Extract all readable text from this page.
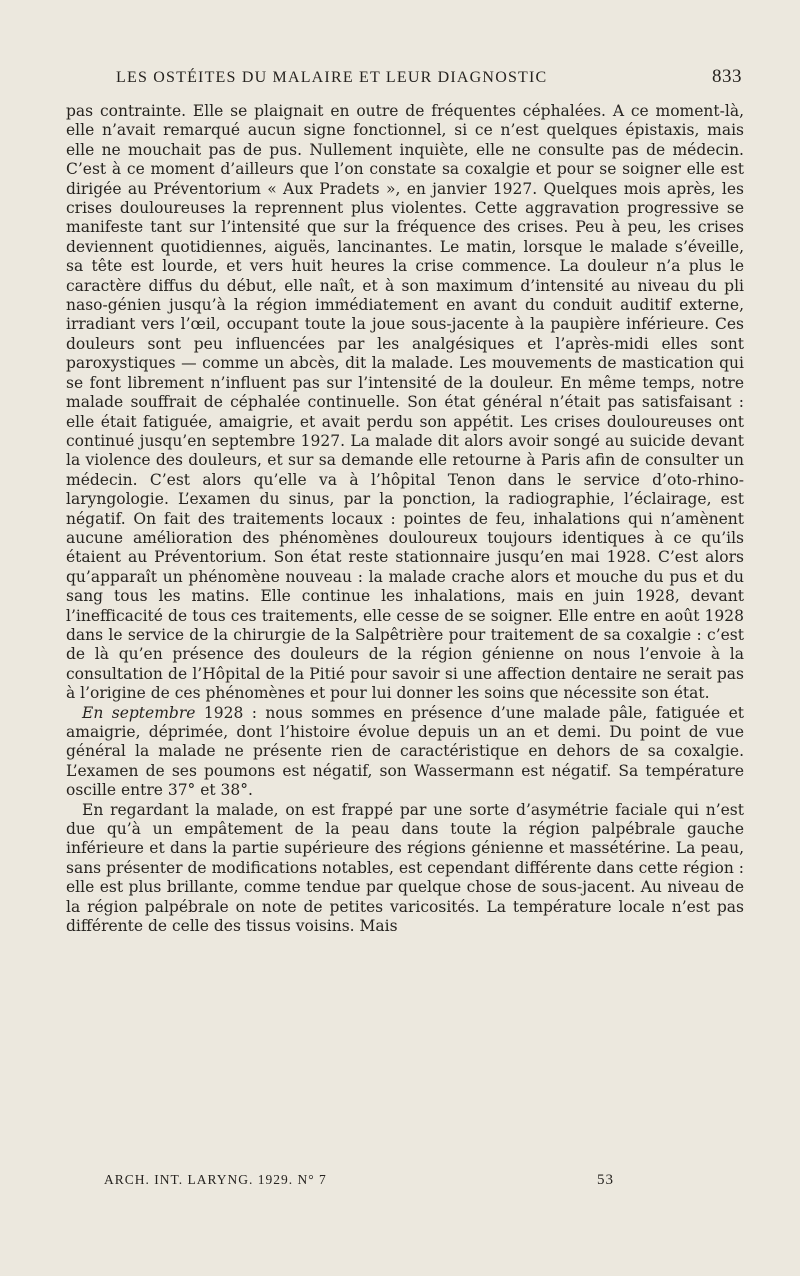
LES OSTÉITES DU MALAIRE ET LEUR DIAGNOSTIC	833

pas contrainte. Elle se plaignait en outre de fréquentes céphalées. A ce moment-là, elle n’avait remarqué aucun signe fonctionnel, si ce n’est quelques épistaxis, mais elle ne mouchait pas de pus. Nullement inquiète, elle ne consulte pas de médecin. C’est à ce moment d’ailleurs que l’on constate sa coxalgie et pour se soigner elle est dirigée au Préventorium « Aux Pradets », en janvier 1927. Quelques mois après, les crises douloureuses la reprennent plus violentes. Cette aggravation progressive se manifeste tant sur l’intensité que sur la fréquence des crises. Peu à peu, les crises deviennent quotidiennes, aiguës, lancinantes. Le matin, lorsque le malade s’éveille, sa tête est lourde, et vers huit heures la crise commence. La douleur n’a plus le caractère diffus du début, elle naît, et à son maximum d’intensité au niveau du pli naso-génien jusqu’à la région immédiatement en avant du conduit auditif externe, irradiant vers l’œil, occupant toute la joue sous-jacente à la paupière inférieure. Ces douleurs sont peu influencées par les analgésiques et l’après-midi elles sont paroxystiques — comme un abcès, dit la malade. Les mouvements de mastication qui se font librement n’influent pas sur l’intensité de la douleur. En même temps, notre malade souffrait de céphalée continuelle. Son état général n’était pas satisfaisant : elle était fatiguée, amaigrie, et avait perdu son appétit. Les crises douloureuses ont continué jusqu’en septembre 1927. La malade dit alors avoir songé au suicide devant la violence des douleurs, et sur sa demande elle retourne à Paris afin de consulter un médecin. C’est alors qu’elle va à l’hôpital Tenon dans le service d’oto-rhino-laryngologie. L’examen du sinus, par la ponction, la radiographie, l’éclairage, est négatif. On fait des traitements locaux : pointes de feu, inhalations qui n’amènent aucune amélioration des phénomènes douloureux toujours identiques à ce qu’ils étaient au Préventorium. Son état reste stationnaire jusqu’en mai 1928. C’est alors qu’apparaît un phénomène nouveau : la malade crache alors et mouche du pus et du sang tous les matins. Elle continue les inhalations, mais en juin 1928, devant l’inefficacité de tous ces traitements, elle cesse de se soigner. Elle entre en août 1928 dans le service de la chirurgie de la Salpêtrière pour traitement de sa coxalgie : c’est de là qu’en présence des douleurs de la région génienne on nous l’envoie à la consultation de l’Hôpital de la Pitié pour savoir si une affection dentaire ne serait pas à l’origine de ces phénomènes et pour lui donner les soins que nécessite son état.

En septembre 1928 : nous sommes en présence d’une malade pâle, fatiguée et amaigrie, déprimée, dont l’histoire évolue depuis un an et demi. Du point de vue général la malade ne présente rien de caractéristique en dehors de sa coxalgie. L’examen de ses poumons est négatif, son Wassermann est négatif. Sa température oscille entre 37° et 38°.

En regardant la malade, on est frappé par une sorte d’asymétrie faciale qui n’est due qu’à un empâtement de la peau dans toute la région palpébrale gauche inférieure et dans la partie supérieure des régions génienne et massétérine. La peau, sans présenter de modifications notables, est cependant différente dans cette région : elle est plus brillante, comme tendue par quelque chose de sous-jacent. Au niveau de la région palpébrale on note de petites varicosités. La température locale n’est pas différente de celle des tissus voisins. Mais

ARCH. INT. LARYNG. 1929. N° 7	53
